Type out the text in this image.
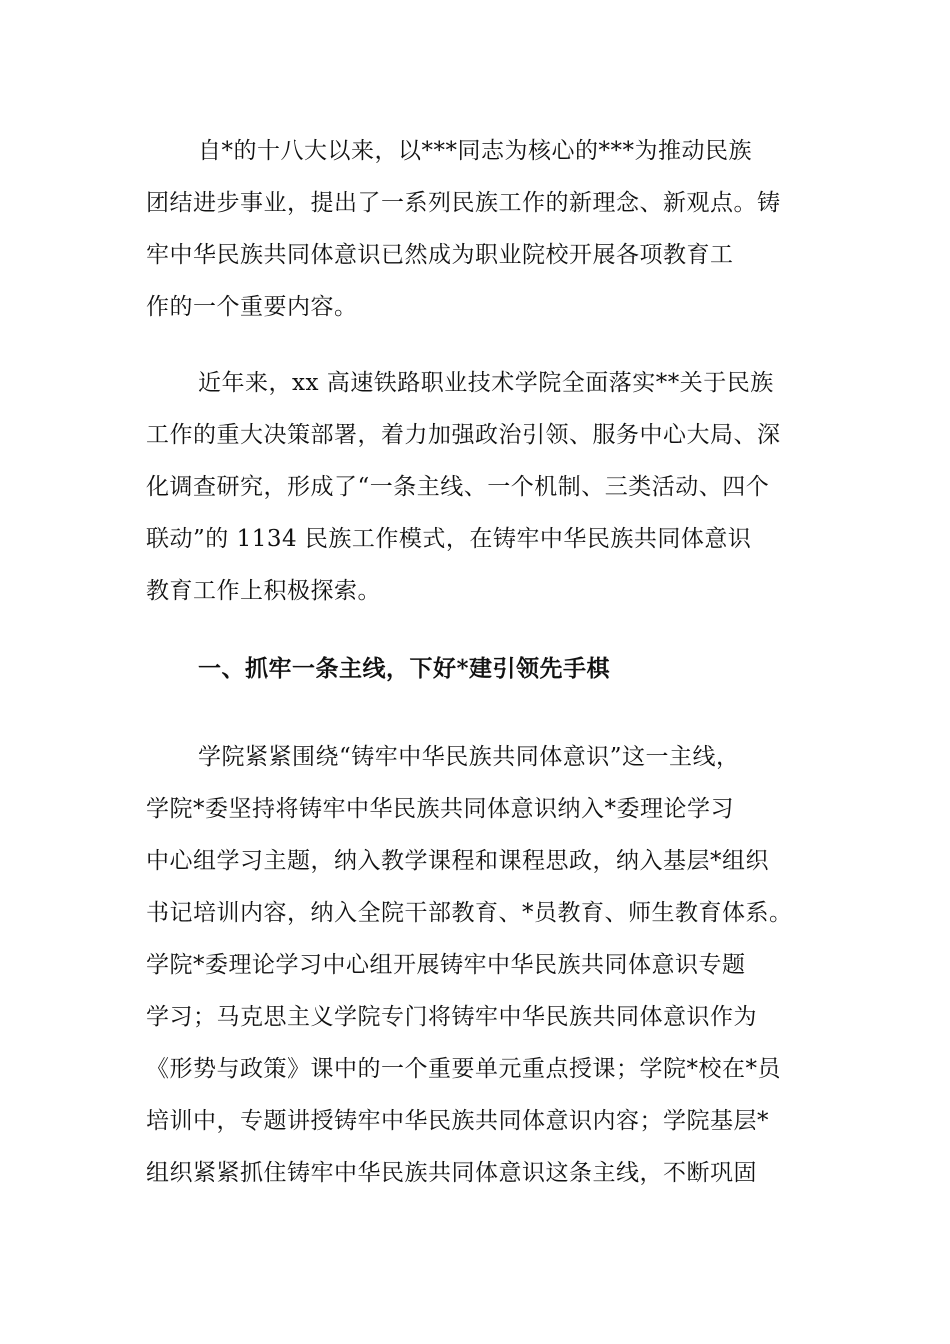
自*的十八大以来，以***同志为核心的***为推动民族
团结进步事业，提出了一系列民族工作的新理念、新观点。铸
牢中华民族共同体意识已然成为职业院校开展各项教育工
作的一个重要内容。
近年来，xx 高速铁路职业技术学院全面落实**关于民族
工作的重大决策部署，着力加强政治引领、服务中心大局、深
化调查研究，形成了“一条主线、一个机制、三类活动、四个
联动”的 1134 民族工作模式，在铸牢中华民族共同体意识
教育工作上积极探索。
一、抓牢一条主线，下好*建引领先手棋
学院紧紧围绕“铸牢中华民族共同体意识”这一主线，
学院*委坚持将铸牢中华民族共同体意识纳入*委理论学习
中心组学习主题，纳入教学课程和课程思政，纳入基层*组织
书记培训内容，纳入全院干部教育、*员教育、师生教育体系。
学院*委理论学习中心组开展铸牢中华民族共同体意识专题
学习；马克思主义学院专门将铸牢中华民族共同体意识作为
《形势与政策》课中的一个重要单元重点授课；学院*校在*员
培训中，专题讲授铸牢中华民族共同体意识内容；学院基层*
组织紧紧抓住铸牢中华民族共同体意识这条主线，不断巩固
